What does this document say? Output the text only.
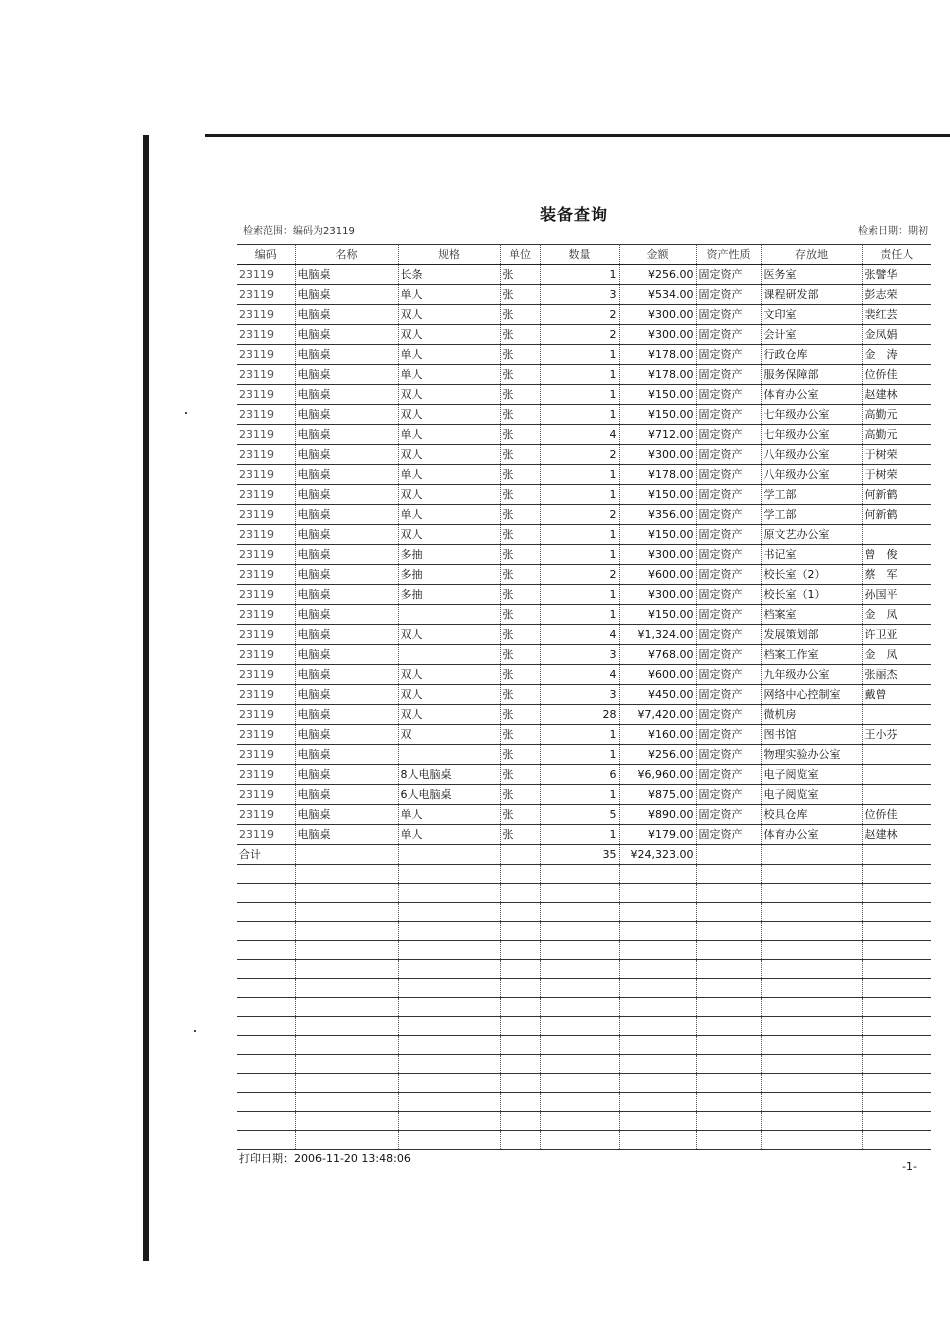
装备查询
检索范围：编码为23119	检索日期：期初
编码	名称	规格	单位	数量	金额	资产性质	存放地	责任人
23119	电脑桌	长条	张	1	¥256.00	固定资产	医务室	张譬华
23119	电脑桌	单人	张	3	¥534.00	固定资产	课程研发部	彭志荣
23119	电脑桌	双人	张	2	¥300.00	固定资产	文印室	裴红芸
23119	电脑桌	双人	张	2	¥300.00	固定资产	会计室	金凤娟
23119	电脑桌	单人	张	1	¥178.00	固定资产	行政仓库	金　涛
23119	电脑桌	单人	张	1	¥178.00	固定资产	服务保障部	位侨佳
23119	电脑桌	双人	张	1	¥150.00	固定资产	体育办公室	赵建林
23119	电脑桌	双人	张	1	¥150.00	固定资产	七年级办公室	高勤元
23119	电脑桌	单人	张	4	¥712.00	固定资产	七年级办公室	高勤元
23119	电脑桌	双人	张	2	¥300.00	固定资产	八年级办公室	于树荣
23119	电脑桌	单人	张	1	¥178.00	固定资产	八年级办公室	于树荣
23119	电脑桌	双人	张	1	¥150.00	固定资产	学工部	何新鹤
23119	电脑桌	单人	张	2	¥356.00	固定资产	学工部	何新鹤
23119	电脑桌	双人	张	1	¥150.00	固定资产	原文艺办公室	
23119	电脑桌	多抽	张	1	¥300.00	固定资产	书记室	曾　俊
23119	电脑桌	多抽	张	2	¥600.00	固定资产	校长室（2）	蔡　军
23119	电脑桌	多抽	张	1	¥300.00	固定资产	校长室（1）	孙国平
23119	电脑桌		张	1	¥150.00	固定资产	档案室	金　凤
23119	电脑桌	双人	张	4	¥1,324.00	固定资产	发展策划部	许卫亚
23119	电脑桌		张	3	¥768.00	固定资产	档案工作室	金　凤
23119	电脑桌	双人	张	4	¥600.00	固定资产	九年级办公室	张丽杰
23119	电脑桌	双人	张	3	¥450.00	固定资产	网络中心控制室	戴曾
23119	电脑桌	双人	张	28	¥7,420.00	固定资产	微机房	
23119	电脑桌	双	张	1	¥160.00	固定资产	图书馆	王小芬
23119	电脑桌		张	1	¥256.00	固定资产	物理实验办公室	
23119	电脑桌	8人电脑桌	张	6	¥6,960.00	固定资产	电子阅览室	
23119	电脑桌	6人电脑桌	张	1	¥875.00	固定资产	电子阅览室	
23119	电脑桌	单人	张	5	¥890.00	固定资产	校具仓库	位侨佳
23119	电脑桌	单人	张	1	¥179.00	固定资产	体育办公室	赵建林
合计				35	¥24,323.00			

打印日期：2006-11-20 13:48:06
-1-
